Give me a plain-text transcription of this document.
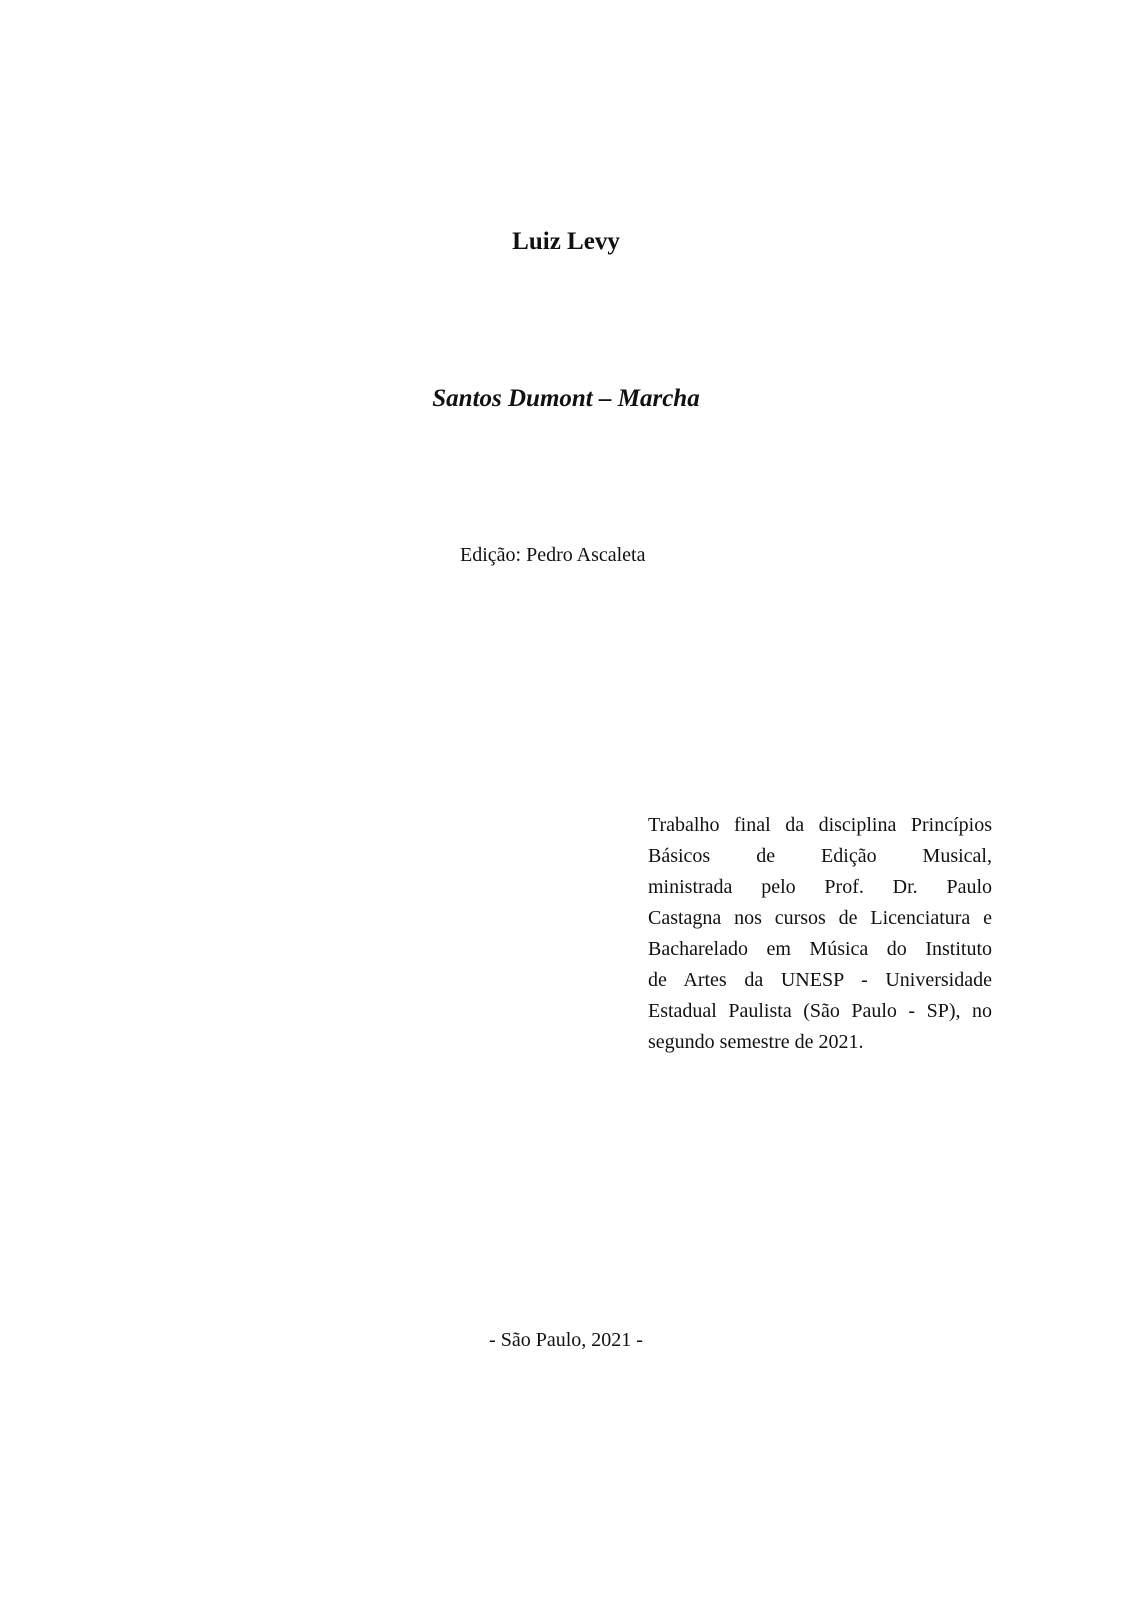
Luiz Levy
Santos Dumont – Marcha
Edição: Pedro Ascaleta
Trabalho final da disciplina Princípios
Básicos de Edição Musical,
ministrada pelo Prof. Dr. Paulo
Castagna nos cursos de Licenciatura e
Bacharelado em Música do Instituto
de Artes da UNESP - Universidade
Estadual Paulista (São Paulo - SP), no
segundo semestre de 2021.
- São Paulo, 2021 -
